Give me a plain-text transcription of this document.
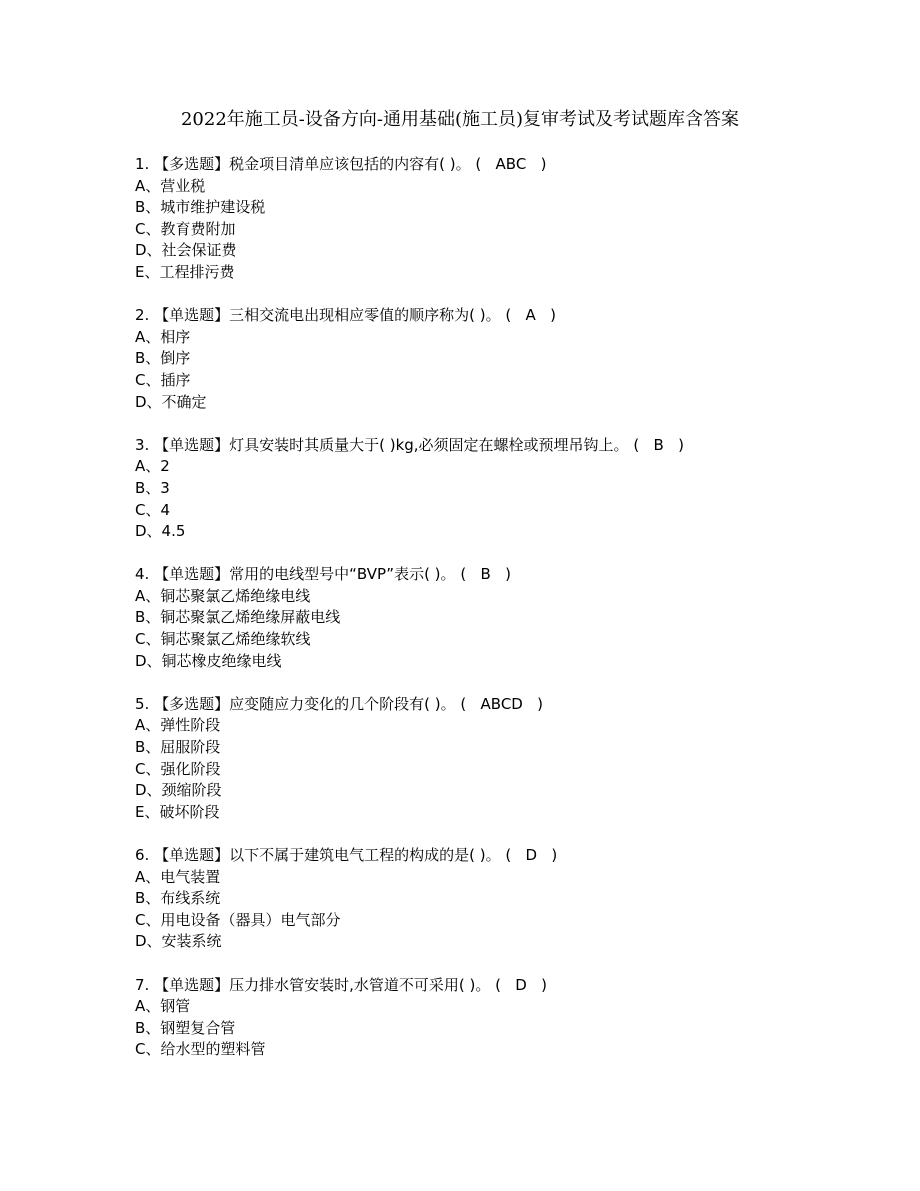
2022年施工员-设备方向-通用基础(施工员)复审考试及考试题库含答案
1. 【多选题】税金项目清单应该包括的内容有( )。 (   ABC   )
A、营业税
B、城市维护建设税
C、教育费附加
D、社会保证费
E、工程排污费
2. 【单选题】三相交流电出现相应零值的顺序称为( )。 (   A   )
A、相序
B、倒序
C、插序
D、不确定
3. 【单选题】灯具安装时其质量大于( )kg,必须固定在螺栓或预埋吊钩上。 (   B   )
A、2
B、3
C、4
D、4.5
4. 【单选题】常用的电线型号中“BVP”表示( )。 (   B   )
A、铜芯聚氯乙烯绝缘电线
B、铜芯聚氯乙烯绝缘屏蔽电线
C、铜芯聚氯乙烯绝缘软线
D、铜芯橡皮绝缘电线
5. 【多选题】应变随应力变化的几个阶段有( )。 (   ABCD   )
A、弹性阶段
B、屈服阶段
C、强化阶段
D、颈缩阶段
E、破坏阶段
6. 【单选题】以下不属于建筑电气工程的构成的是( )。 (   D   )
A、电气装置
B、布线系统
C、用电设备（器具）电气部分
D、安装系统
7. 【单选题】压力排水管安装时,水管道不可采用( )。 (   D   )
A、钢管
B、钢塑复合管
C、给水型的塑料管
